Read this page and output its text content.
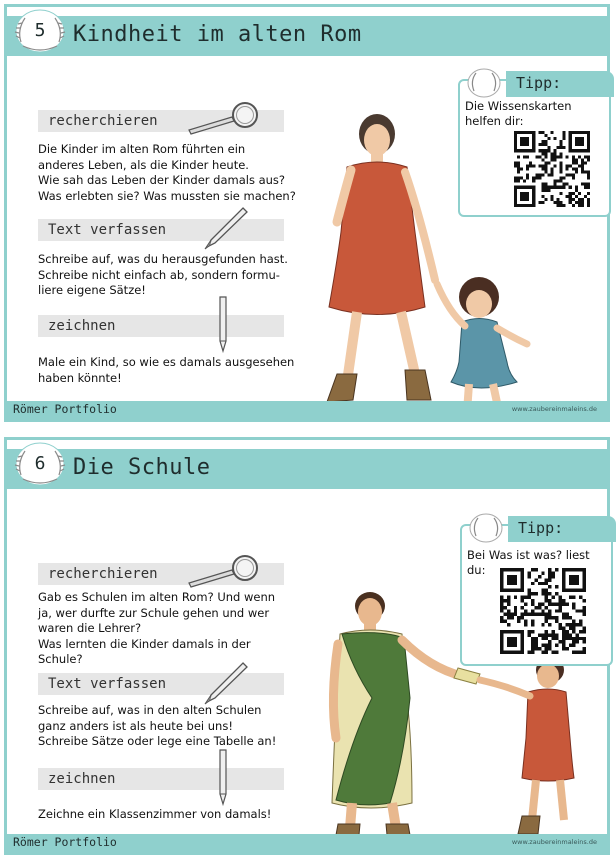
Kindheit im alten Rom
5
recherchieren

Die Kinder im alten Rom führten ein

anderes Leben, als die Kinder heute.

Wie sah das Leben der Kinder damals aus?

Was erlebten sie? Was mussten sie machen?

Text verfassen

Schreibe auf, was du herausgefunden hast.

Schreibe nicht einfach ab, sondern formu-

liere eigene Sätze!

zeichnen

Male ein Kind, so wie es damals ausgesehen

haben könnte!

Tipp:

Die Wissenskarten

helfen dir:

Römer Portfolio	www.zaubereinmaleins.de
Die Schule
6
recherchieren

Gab es Schulen im alten Rom? Und wenn

ja, wer durfte zur Schule gehen und wer

waren die Lehrer?

Was lernten die Kinder damals in der

Schule?

Text verfassen

Schreibe auf, was in den alten Schulen

ganz anders ist als heute bei uns!

Schreibe Sätze oder lege eine Tabelle an!

zeichnen

Zeichne ein Klassenzimmer von damals!

Tipp:

Bei Was ist was? liest

du:

Römer Portfolio	www.zaubereinmaleins.de
